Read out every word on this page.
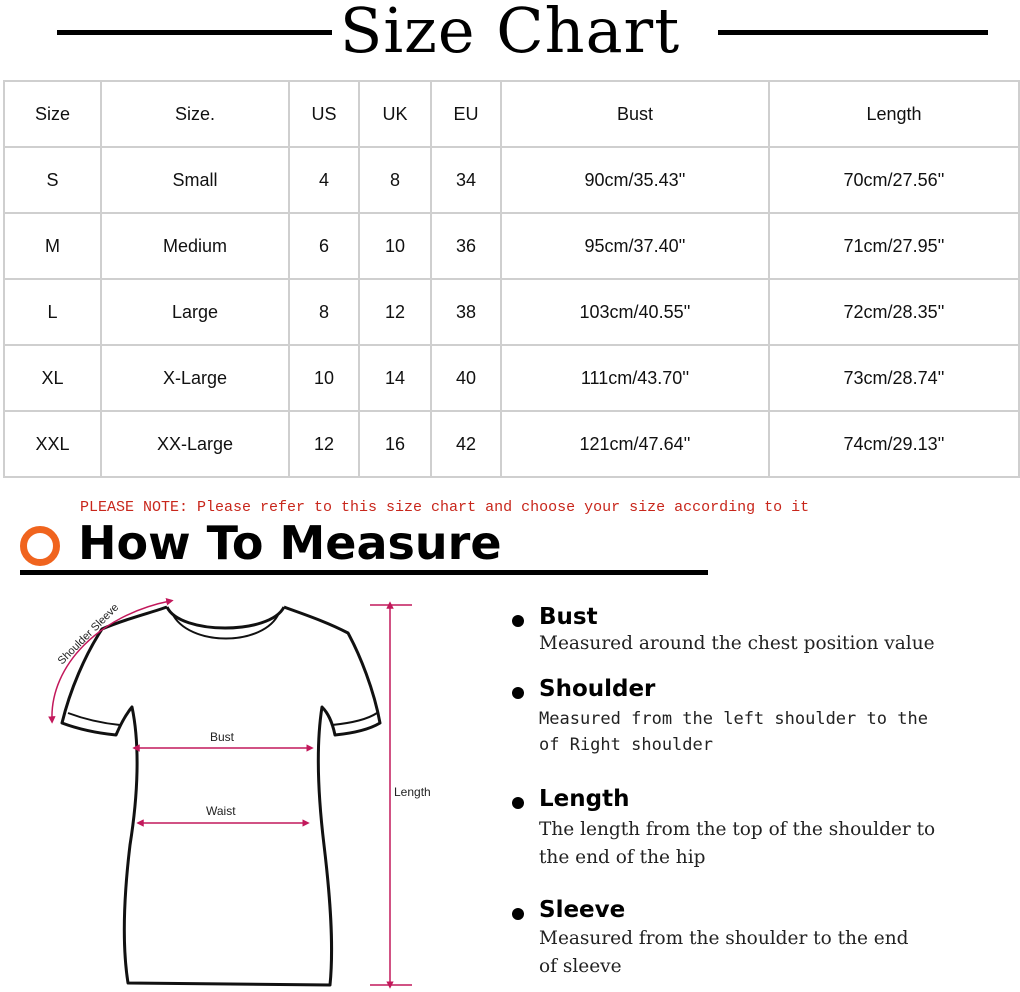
Size Chart
Size	Size.	US	UK	EU	Bust	Length
S	Small	4	8	34	90cm/35.43''	70cm/27.56''
M	Medium	6	10	36	95cm/37.40''	71cm/27.95''
L	Large	8	12	38	103cm/40.55''	72cm/28.35''
XL	X-Large	10	14	40	111cm/43.70''	73cm/28.74''
XXL	XX-Large	12	16	42	121cm/47.64''	74cm/29.13''
PLEASE NOTE: Please refer to this size chart and choose your size according to it
How To Measure
Shoulder Sleeve
Bust
Waist
Length
Bust
Measured around the chest position value
Shoulder
Measured from the left shoulder to the
of Right shoulder
Length
The length from the top of the shoulder to
the end of the hip
Sleeve
Measured from the shoulder to the end
of sleeve
